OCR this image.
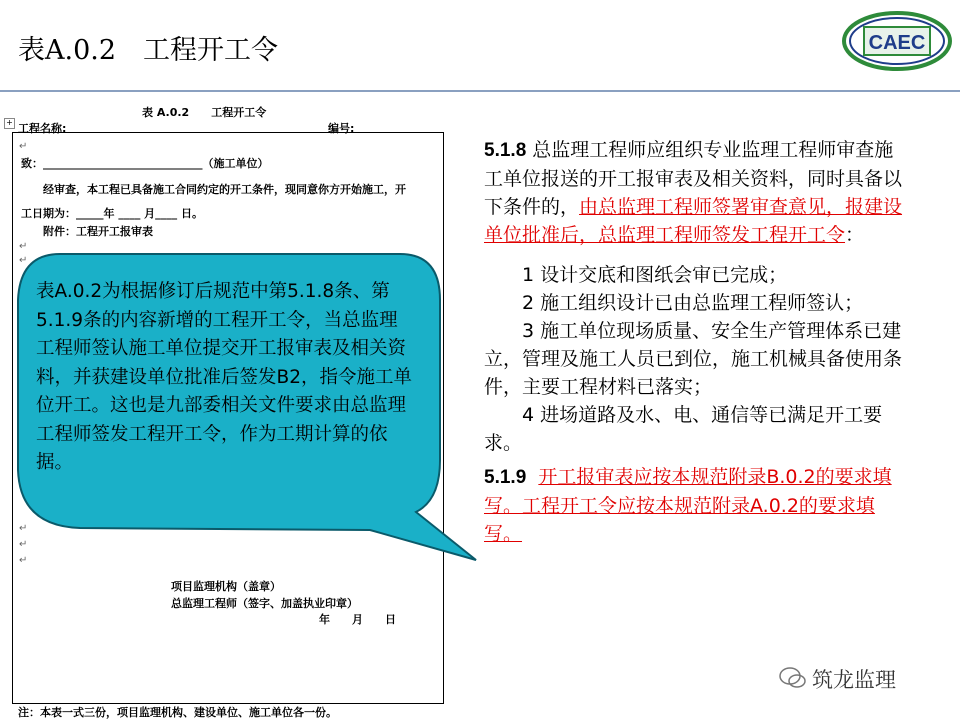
表A.0.2　工程开工令	CAEC
表 A.0.2　　工程开工令
+ 工程名称:	编号:
↵
致：_____________________________（施工单位）
经审查，本工程已具备施工合同约定的开工条件，现同意你方开始施工，开
工日期为：_____年 ____ 月____ 日。
附件：工程开工报审表
↵
↵
↵
↵
↵
项目监理机构（盖章）
总监理工程师（签字、加盖执业印章）
年　　月　　日
注：本表一式三份，项目监理机构、建设单位、施工单位各一份。
表A.0.2为根据修订后规范中第5.1.8条、第5.1.9条的内容新增的工程开工令，当总监理工程师签认施工单位提交开工报审表及相关资料，并获建设单位批准后签发B2，指令施工单位开工。这也是九部委相关文件要求由总监理工程师签发工程开工令，作为工期计算的依据。
5.1.8 总监理工程师应组织专业监理工程师审查施工单位报送的开工报审表及相关资料，同时具备以下条件的，由总监理工程师签署审查意见，报建设单位批准后，总监理工程师签发工程开工令：
1 设计交底和图纸会审已完成；
2 施工组织设计已由总监理工程师签认；
3 施工单位现场质量、安全生产管理体系已建立，管理及施工人员已到位，施工机械具备使用条件，主要工程材料已落实；
4 进场道路及水、电、通信等已满足开工要求。
5.1.9 开工报审表应按本规范附录B.0.2的要求填写。工程开工令应按本规范附录A.0.2的要求填写。
筑龙监理
